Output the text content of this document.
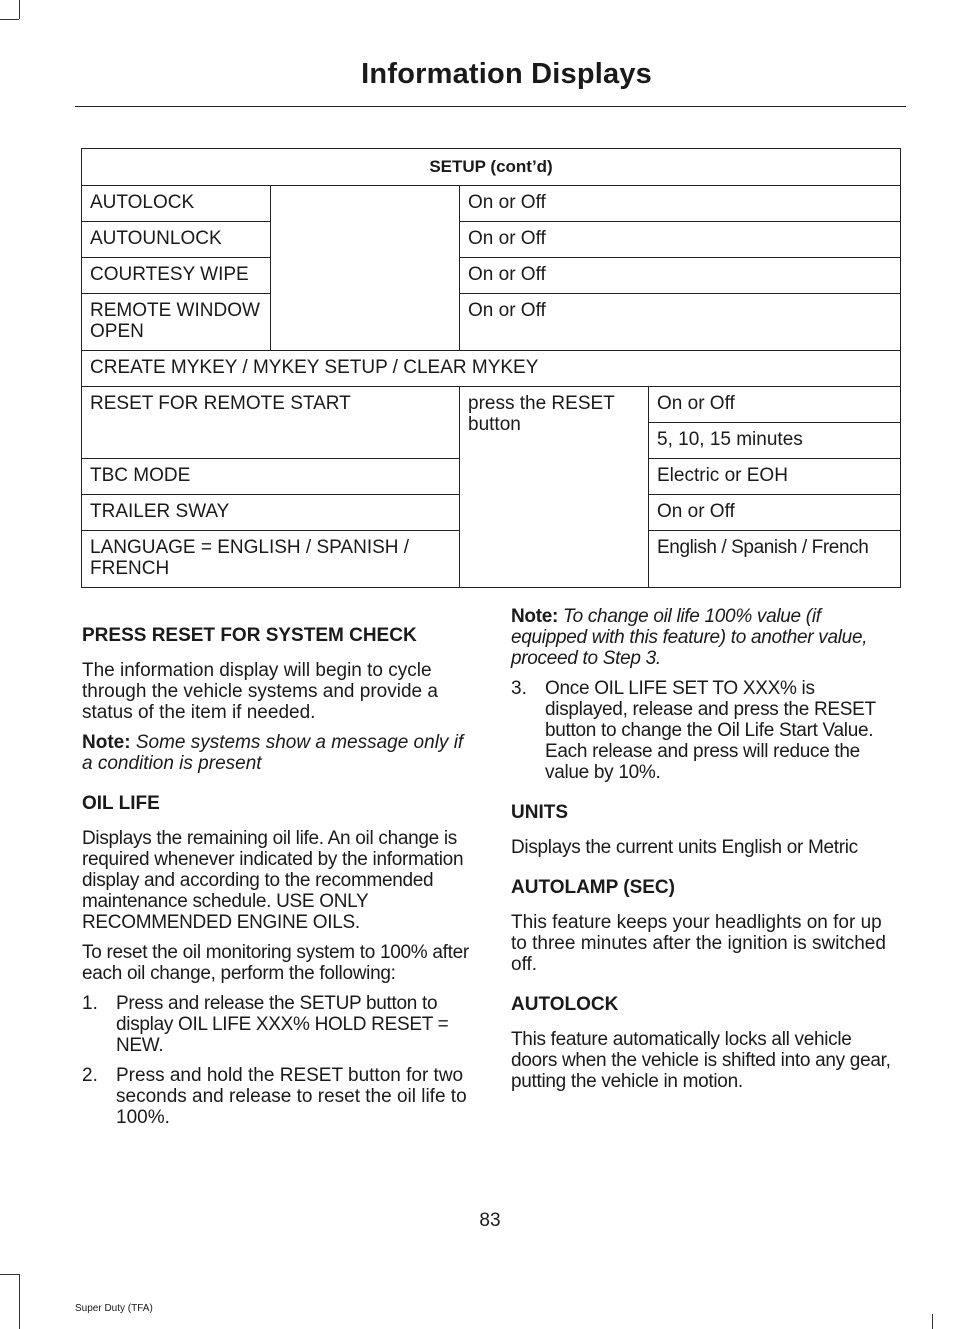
Information Displays
SETUP (cont’d)			
AUTOLOCK		On or Off	
AUTOUNLOCK		On or Off	
COURTESY WIPE		On or Off	
REMOTE WINDOW OPEN		On or Off	
CREATE MYKEY / MYKEY SETUP / CLEAR MYKEY			
RESET FOR REMOTE START		press the RESET button	On or Off
			5, 10, 15 minutes
TBC MODE			Electric or EOH
TRAILER SWAY			On or Off
LANGUAGE = ENGLISH / SPANISH / FRENCH			English / Spanish / French
PRESS RESET FOR SYSTEM CHECK

The information display will begin to cycle through the vehicle systems and provide a status of the item if needed.

Note: Some systems show a message only if a condition is present

OIL LIFE

Displays the remaining oil life. An oil change is required whenever indicated by the information display and according to the recommended maintenance schedule. USE ONLY RECOMMENDED ENGINE OILS.

To reset the oil monitoring system to 100% after each oil change, perform the following:

1. Press and release the SETUP button to display OIL LIFE XXX% HOLD RESET = NEW.
2. Press and hold the RESET button for two seconds and release to reset the oil life to 100%.

Note: To change oil life 100% value (if equipped with this feature) to another value, proceed to Step 3.

3. Once OIL LIFE SET TO XXX% is displayed, release and press the RESET button to change the Oil Life Start Value. Each release and press will reduce the value by 10%.
UNITS

Displays the current units English or Metric

AUTOLAMP (SEC)

This feature keeps your headlights on for up to three minutes after the ignition is switched off.

AUTOLOCK

This feature automatically locks all vehicle doors when the vehicle is shifted into any gear, putting the vehicle in motion.

83
Super Duty (TFA)
